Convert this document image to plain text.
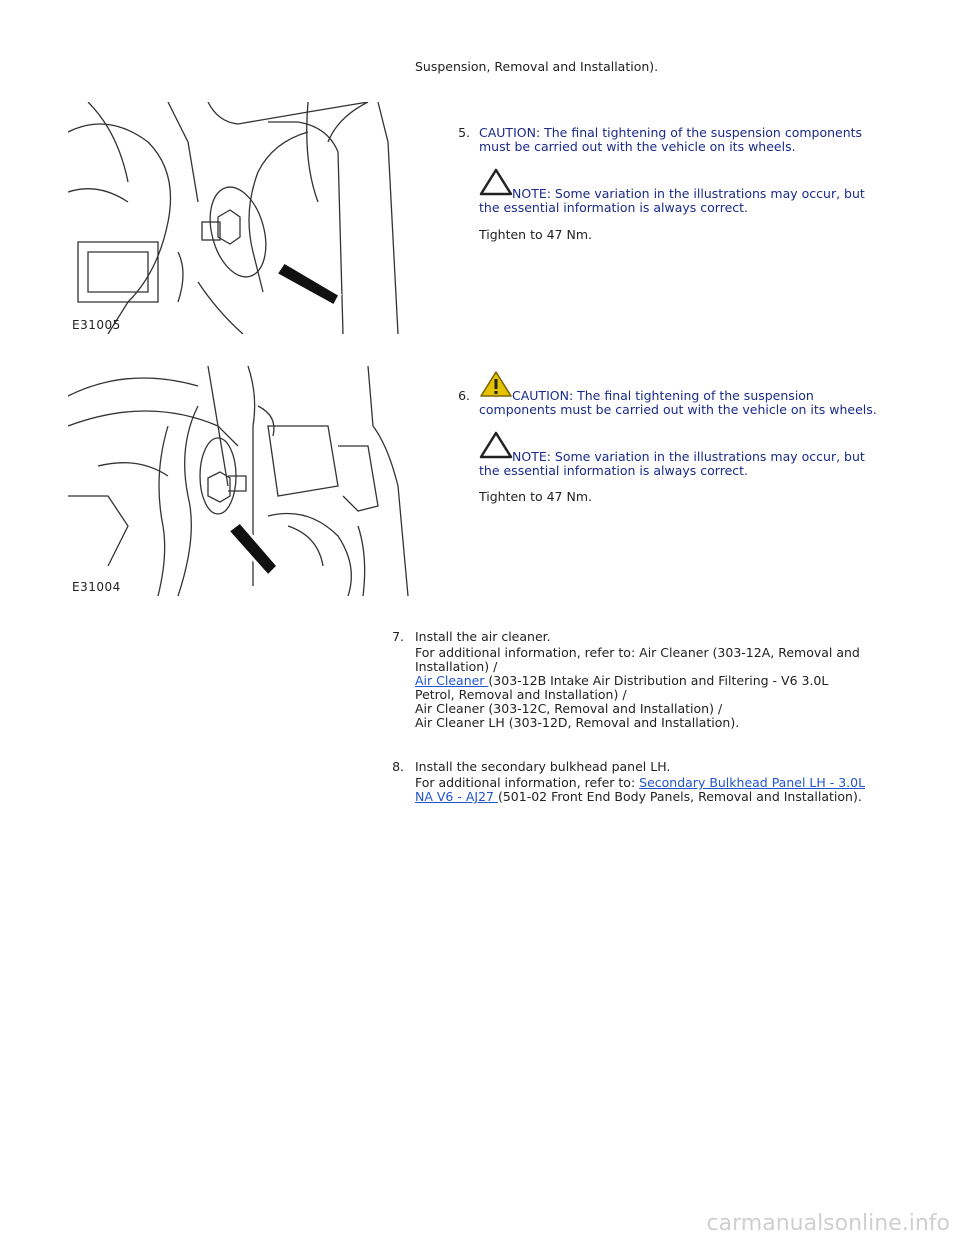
Suspension, Removal and Installation).
E31005
5. CAUTION: The final tightening of the suspension components
must be carried out with the vehicle on its wheels.
NOTE: Some variation in the illustrations may occur, but
the essential information is always correct.
Tighten to 47 Nm.
E31004
6.	CAUTION: The final tightening of the suspension
components must be carried out with the vehicle on its wheels.
NOTE: Some variation in the illustrations may occur, but
the essential information is always correct.
Tighten to 47 Nm.
7. Install the air cleaner.
For additional information, refer to: Air Cleaner (303-12A, Removal and
Installation) /
Air Cleaner (303-12B Intake Air Distribution and Filtering - V6 3.0L
Petrol, Removal and Installation) /
Air Cleaner (303-12C, Removal and Installation) /
Air Cleaner LH (303-12D, Removal and Installation).
8. Install the secondary bulkhead panel LH.
For additional information, refer to: Secondary Bulkhead Panel LH - 3.0L
NA V6 - AJ27 (501-02 Front End Body Panels, Removal and Installation).
carmanualsonline.info
